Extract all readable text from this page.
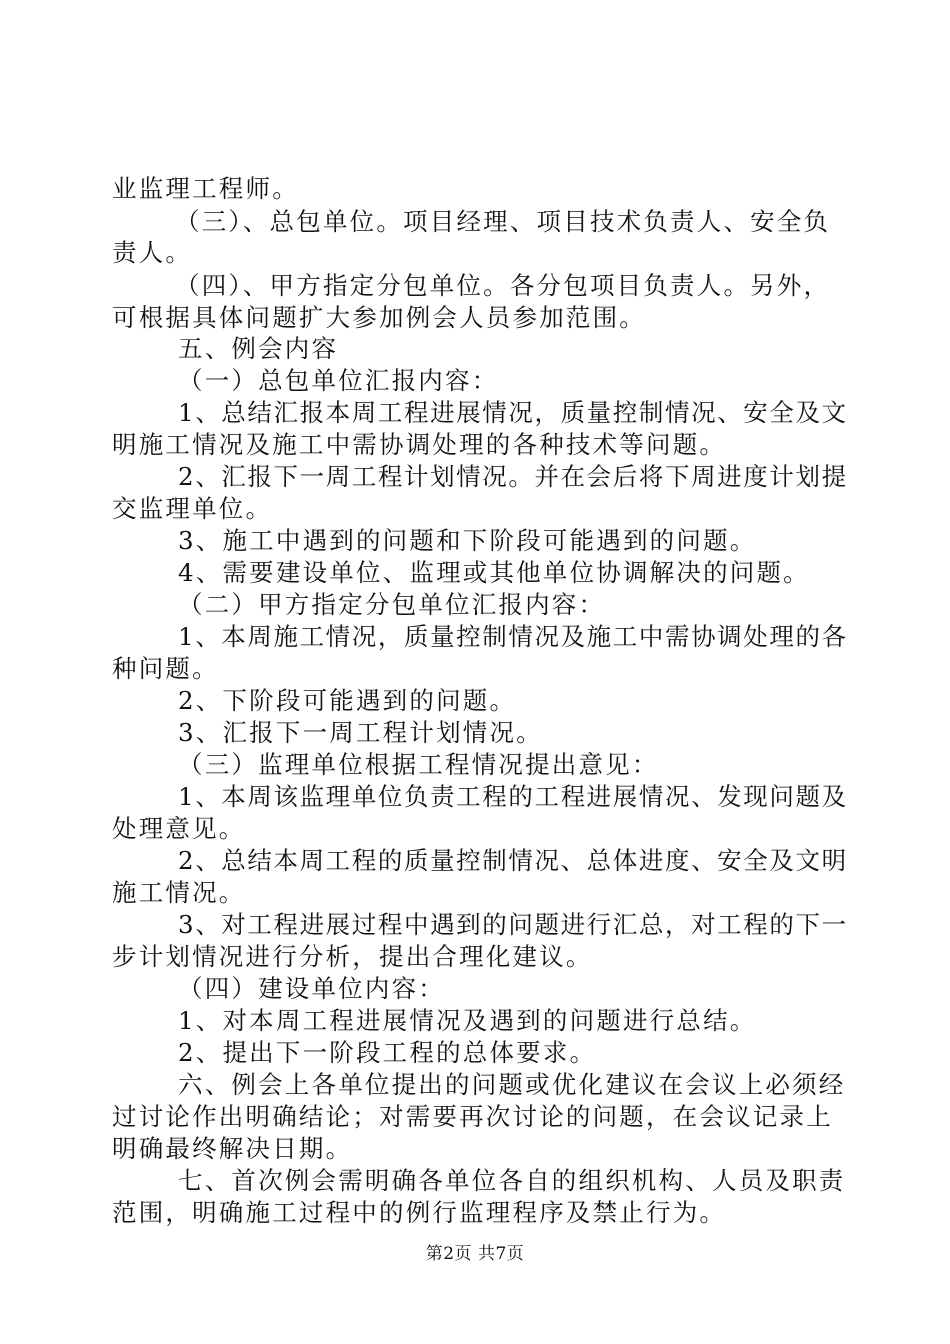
业监理工程师。
（三）、总包单位。项目经理、项目技术负责人、安全负
责人。
（四）、甲方指定分包单位。各分包项目负责人。另外，
可根据具体问题扩大参加例会人员参加范围。
五、例会内容
（一）总包单位汇报内容：
1、总结汇报本周工程进展情况，质量控制情况、安全及文
明施工情况及施工中需协调处理的各种技术等问题。
2、汇报下一周工程计划情况。并在会后将下周进度计划提
交监理单位。
3、施工中遇到的问题和下阶段可能遇到的问题。
4、需要建设单位、监理或其他单位协调解决的问题。
（二）甲方指定分包单位汇报内容：
1、本周施工情况，质量控制情况及施工中需协调处理的各
种问题。
2、下阶段可能遇到的问题。
3、汇报下一周工程计划情况。
（三）监理单位根据工程情况提出意见：
1、本周该监理单位负责工程的工程进展情况、发现问题及
处理意见。
2、总结本周工程的质量控制情况、总体进度、安全及文明
施工情况。
3、对工程进展过程中遇到的问题进行汇总，对工程的下一
步计划情况进行分析，提出合理化建议。
（四）建设单位内容：
1、对本周工程进展情况及遇到的问题进行总结。
2、提出下一阶段工程的总体要求。
六、例会上各单位提出的问题或优化建议在会议上必须经
过讨论作出明确结论；对需要再次讨论的问题，在会议记录上
明确最终解决日期。
七、首次例会需明确各单位各自的组织机构、人员及职责
范围，明确施工过程中的例行监理程序及禁止行为。
第2页 共7页
